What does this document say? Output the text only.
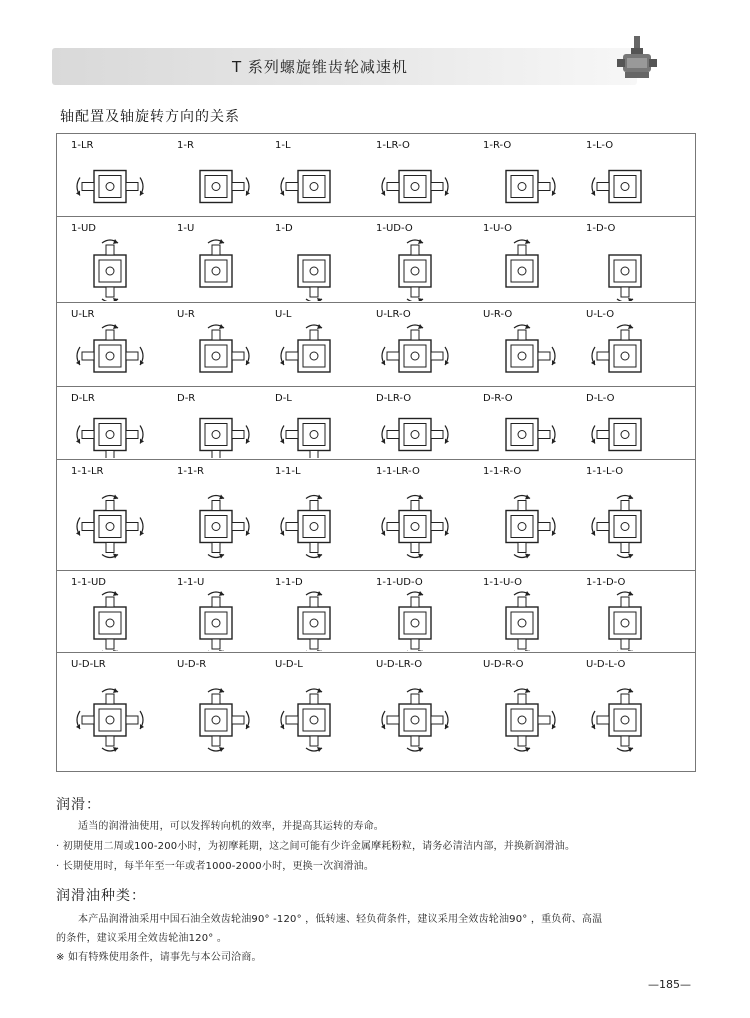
T 系列螺旋锥齿轮减速机
轴配置及轴旋转方向的关系
1-LR	1-R	1-L	1-LR-O	1-R-O	1-L-O
1-UD	1-U	1-D	1-UD-O	1-U-O	1-D-O
U-LR	U-R	U-L	U-LR-O	U-R-O	U-L-O
D-LR	D-R	D-L	D-LR-O	D-R-O	D-L-O
1-1-LR	1-1-R	1-1-L	1-1-LR-O	1-1-R-O	1-1-L-O
1-1-UD	1-1-U	1-1-D	1-1-UD-O	1-1-U-O	1-1-D-O
U-D-LR	U-D-R	U-D-L	U-D-LR-O	U-D-R-O	U-D-L-O
润滑：
适当的润滑油使用，可以发挥转向机的效率，并提高其运转的寿命。
· 初期使用二周或100-200小时，为初摩耗期，这之间可能有少许金属摩耗粉粒，请务必清洁内部，并换新润滑油。
· 长期使用时，每半年至一年或者1000-2000小时，更换一次润滑油。
润滑油种类：
本产品润滑油采用中国石油全效齿轮油90° -120° ，低转速、轻负荷条件，建议采用全效齿轮油90° ，重负荷、高温
的条件，建议采用全效齿轮油120° 。
※ 如有特殊使用条件，请事先与本公司洽商。
—185—
